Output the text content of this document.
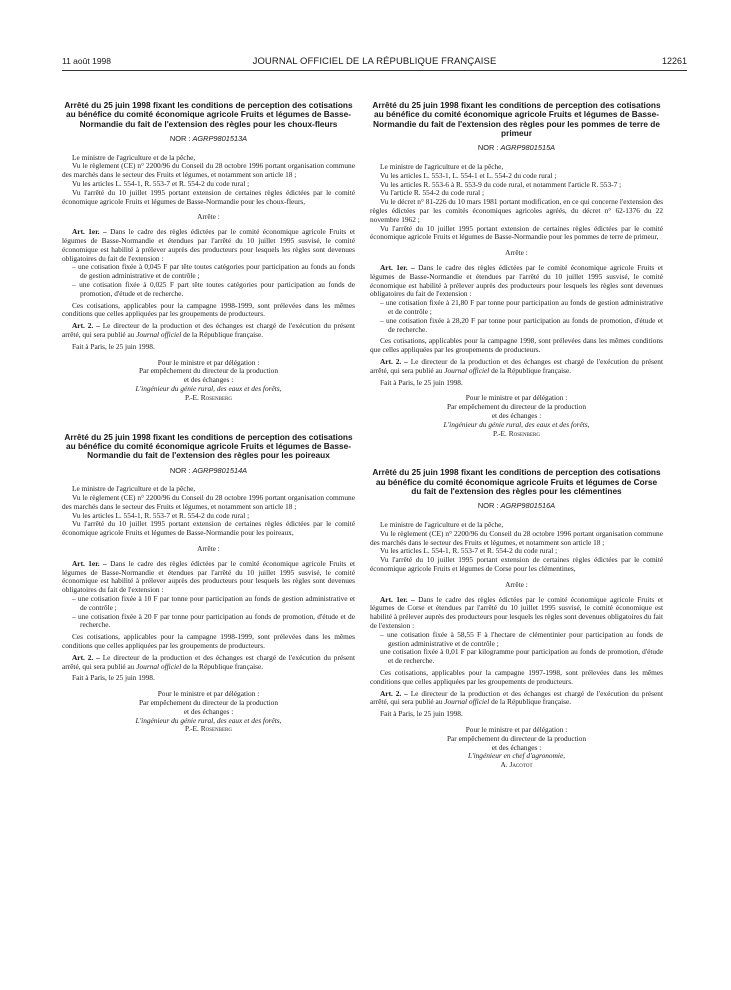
11 août 1998	JOURNAL OFFICIEL DE LA RÉPUBLIQUE FRANÇAISE	12261
Arrêté du 25 juin 1998 fixant les conditions de perception des cotisations au bénéfice du comité économique agricole Fruits et légumes de Basse-Normandie du fait de l'extension des règles pour les choux-fleurs
NOR : AGRP9801513A

Le ministre de l'agriculture et de la pêche,

Vu le règlement (CE) n° 2200/96 du Conseil du 28 octobre 1996 portant organisation commune des marchés dans le secteur des Fruits et légumes, et notamment son article 18 ;

Vu les articles L. 554-1, R. 553-7 et R. 554-2 du code rural ;

Vu l'arrêté du 10 juillet 1995 portant extension de certaines règles édictées par le comité économique agricole Fruits et légumes de Basse-Normandie pour les choux-fleurs,

Arrête :

Art. 1er. – Dans le cadre des règles édictées par le comité économique agricole Fruits et légumes de Basse-Normandie et étendues par l'arrêté du 10 juillet 1995 susvisé, le comité économique est habilité à prélever auprès des producteurs pour lesquels les règles sont devenues obligatoires du fait de l'extension :

– une cotisation fixée à 0,045 F par tête toutes catégories pour participation au fonds au fonds de gestion administrative et de contrôle ;
– une cotisation fixée à 0,025 F part tête toutes catégories pour participation au fonds de promotion, d'étude et de recherche.

Ces cotisations, applicables pour la campagne 1998-1999, sont prélevées dans les mêmes conditions que celles appliquées par les groupements de producteurs.

Art. 2. – Le directeur de la production et des échanges est chargé de l'exécution du présent arrêté, qui sera publié au Journal officiel de la République française.

Fait à Paris, le 25 juin 1998.

Pour le ministre et par délégation :

Par empêchement du directeur de la production

et des échanges :

L'ingénieur du génie rural, des eaux et des forêts,

P.-E. Rosenberg

Arrêté du 25 juin 1998 fixant les conditions de perception des cotisations au bénéfice du comité économique agricole Fruits et légumes de Basse-Normandie du fait de l'extension des règles pour les poireaux
NOR : AGRP9801514A

Le ministre de l'agriculture et de la pêche,

Vu le règlement (CE) n° 2200/96 du Conseil du 28 octobre 1996 portant organisation commune des marchés dans le secteur des Fruits et légumes, et notamment son article 18 ;

Vu les articles L. 554-1, R. 553-7 et R. 554-2 du code rural ;

Vu l'arrêté du 10 juillet 1995 portant extension de certaines règles édictées par le comité économique agricole Fruits et légumes de Basse-Normandie pour les poireaux,

Arrête :

Art. 1er. – Dans le cadre des règles édictées par le comité économique agricole Fruits et légumes de Basse-Normandie et étendues par l'arrêté du 10 juillet 1995 susvisé, le comité économique est habilité à prélever auprès des producteurs pour lesquels les règles sont devenues obligatoires du fait de l'extension :

– une cotisation fixée à 10 F par tonne pour participation au fonds de gestion administrative et de contrôle ;
– une cotisation fixée à 20 F par tonne pour participation au fonds de promotion, d'étude et de recherche.

Ces cotisations, applicables pour la campagne 1998-1999, sont prélevées dans les mêmes conditions que celles appliquées par les groupements de producteurs.

Art. 2. – Le directeur de la production et des échanges est chargé de l'exécution du présent arrêté, qui sera publié au Journal officiel de la République française.

Fait à Paris, le 25 juin 1998.

Pour le ministre et par délégation :

Par empêchement du directeur de la production

et des échanges :

L'ingénieur du génie rural, des eaux et des forêts,

P.-E. Rosenberg

Arrêté du 25 juin 1998 fixant les conditions de perception des cotisations au bénéfice du comité économique agricole Fruits et légumes de Basse-Normandie du fait de l'extension des règles pour les pommes de terre de primeur
NOR : AGRP9801515A

Le ministre de l'agriculture et de la pêche,

Vu les articles L. 553-1, L. 554-1 et L. 554-2 du code rural ;

Vu les articles R. 553-6 à R. 553-9 du code rural, et notamment l'article R. 553-7 ;

Vu l'article R. 554-2 du code rural ;

Vu le décret n° 81-226 du 10 mars 1981 portant modification, en ce qui concerne l'extension des règles édictées par les comités économiques agricoles agréés, du décret n° 62-1376 du 22 novembre 1962 ;

Vu l'arrêté du 10 juillet 1995 portant extension de certaines règles édictées par le comité économique agricole Fruits et légumes de Basse-Normandie pour les pommes de terre de primeur,

Arrête :

Art. 1er. – Dans le cadre des règles édictées par le comité économique agricole Fruits et légumes de Basse-Normandie et étendues par l'arrêté du 10 juillet 1995 susvisé, le comité économique est habilité à prélever auprès des producteurs pour lesquels les règles sont devenues obligatoires du fait de l'extension :

– une cotisation fixée à 21,80 F par tonne pour participation au fonds de gestion administrative et de contrôle ;
– une cotisation fixée à 28,20 F par tonne pour participation au fonds de promotion, d'étude et de recherche.

Ces cotisations, applicables pour la campagne 1998, sont prélevées dans les mêmes conditions que celles appliquées par les groupements de producteurs.

Art. 2. – Le directeur de la production et des échanges est chargé de l'exécution du présent arrêté, qui sera publié au Journal officiel de la République française.

Fait à Paris, le 25 juin 1998.

Pour le ministre et par délégation :

Par empêchement du directeur de la production

et des échanges :

L'ingénieur du génie rural, des eaux et des forêts,

P.-E. Rosenberg

Arrêté du 25 juin 1998 fixant les conditions de perception des cotisations au bénéfice du comité économique agricole Fruits et légumes de Corse du fait de l'extension des règles pour les clémentines
NOR : AGRP9801516A

Le ministre de l'agriculture et de la pêche,

Vu le règlement (CE) n° 2200/96 du Conseil du 28 octobre 1996 portant organisation commune des marchés dans le secteur des Fruits et légumes, et notamment son article 18 ;

Vu les articles L. 554-1, R. 553-7 et R. 554-2 du code rural ;

Vu l'arrêté du 10 juillet 1995 portant extension de certaines règles édictées par le comité économique agricole Fruits et légumes de Corse pour les clémentines,

Arrête :

Art. 1er. – Dans le cadre des règles édictées par le comité économique agricole Fruits et légumes de Corse et étendues par l'arrêté du 10 juillet 1995 susvisé, le comité économique est habilité à prélever auprès des producteurs pour lesquels les règles sont devenues obligatoires du fait de l'extension :

– une cotisation fixée à 58,55 F à l'hectare de clémentinier pour participation au fonds de gestion administrative et de contrôle ;
une cotisation fixée à 0,01 F par kilogramme pour participation au fonds de promotion, d'étude et de recherche.

Ces cotisations, applicables pour la campagne 1997-1998, sont prélevées dans les mêmes conditions que celles appliquées par les groupements de producteurs.

Art. 2. – Le directeur de la production et des échanges est chargé de l'exécution du présent arrêté, qui sera publié au Journal officiel de la République française.

Fait à Paris, le 25 juin 1998.

Pour le ministre et par délégation :

Par empêchement du directeur de la production

et des échanges :

L'ingénieur en chef d'agronomie,

A. Jacotot
